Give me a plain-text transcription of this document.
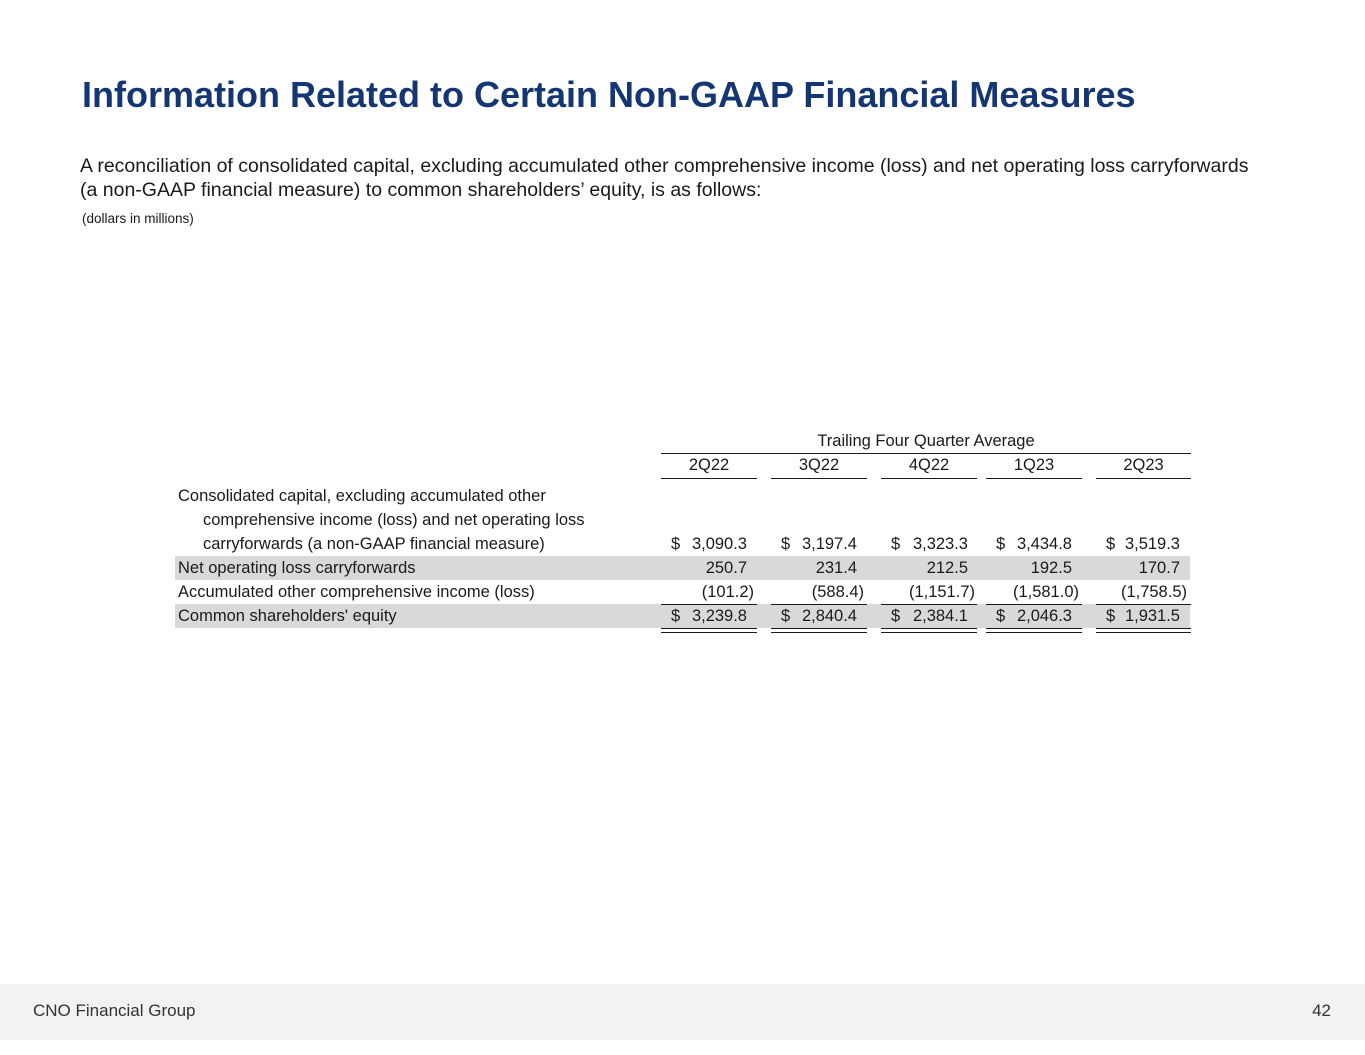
Information Related to Certain Non-GAAP Financial Measures

A reconciliation of consolidated capital, excluding accumulated other comprehensive income (loss) and net operating loss carryforwards (a non-GAAP financial measure) to common shareholders’ equity, is as follows:

(dollars in millions)
Trailing Four Quarter Average
2Q22	3Q22	4Q22	1Q23	2Q23
Consolidated capital, excluding accumulated other
comprehensive income (loss) and net operating loss
carryforwards (a non-GAAP financial measure)	$ 3,090.3 $ 3,197.4 $ 3,323.3 $ 3,434.8 $ 3,519.3
Net operating loss carryforwards	250.7	231.4	212.5	192.5	170.7
Accumulated other comprehensive income (loss)	(101.2)	(588.4)	(1,151.7)	(1,581.0)	(1,758.5)
Common shareholders' equity	$ 3,239.8 $ 2,840.4 $ 2,384.1 $ 2,046.3 $ 1,931.5
CNO Financial Group	42
